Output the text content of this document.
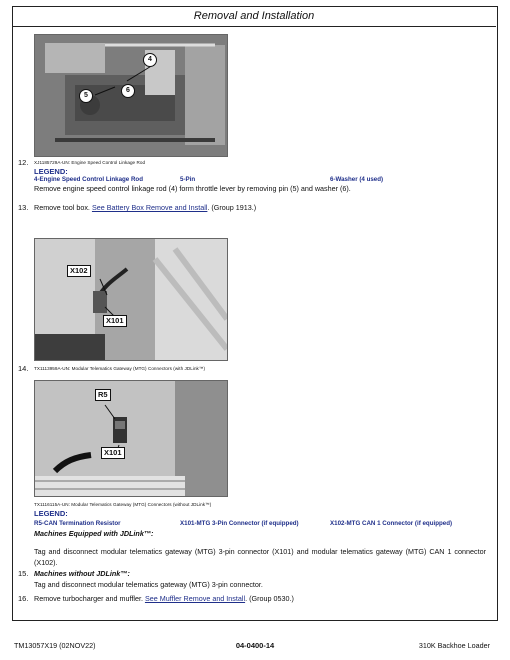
Removal and Installation
4
5
6
12. XJ1185729A-UN: Engine Speed Control Linkage Rod
LEGEND:
4-Engine Speed Control Linkage Rod	5-Pin	6-Washer (4 used)
Remove engine speed control linkage rod (4) form throttle lever by removing pin (5) and washer (6).
13. Remove tool box. See Battery Box Remove and Install. (Group 1913.)
X102
X101
14. TX1113959A-UN: Modular Telematics Gateway (MTG) Connectors (with JDLink™)
R5
X101
TX1116115A-UN: Modular Telematics Gateway (MTG) Connectors (without JDLink™)
LEGEND:
R5-CAN Termination Resistor	X101-MTG 3-Pin Connector (if equipped)	X102-MTG CAN 1 Connector (if equipped)
Machines Equipped with JDLink™:
Tag and disconnect modular telematics gateway (MTG) 3-pin connector (X101) and modular telematics gateway (MTG) CAN 1 connector (X102).
15. Machines without JDLink™:
Tag and disconnect modular telematics gateway (MTG) 3-pin connector.
16. Remove turbocharger and muffler. See Muffler Remove and Install. (Group 0530.)
TM13057X19 (02NOV22)	04-0400-14	310K Backhoe Loader
